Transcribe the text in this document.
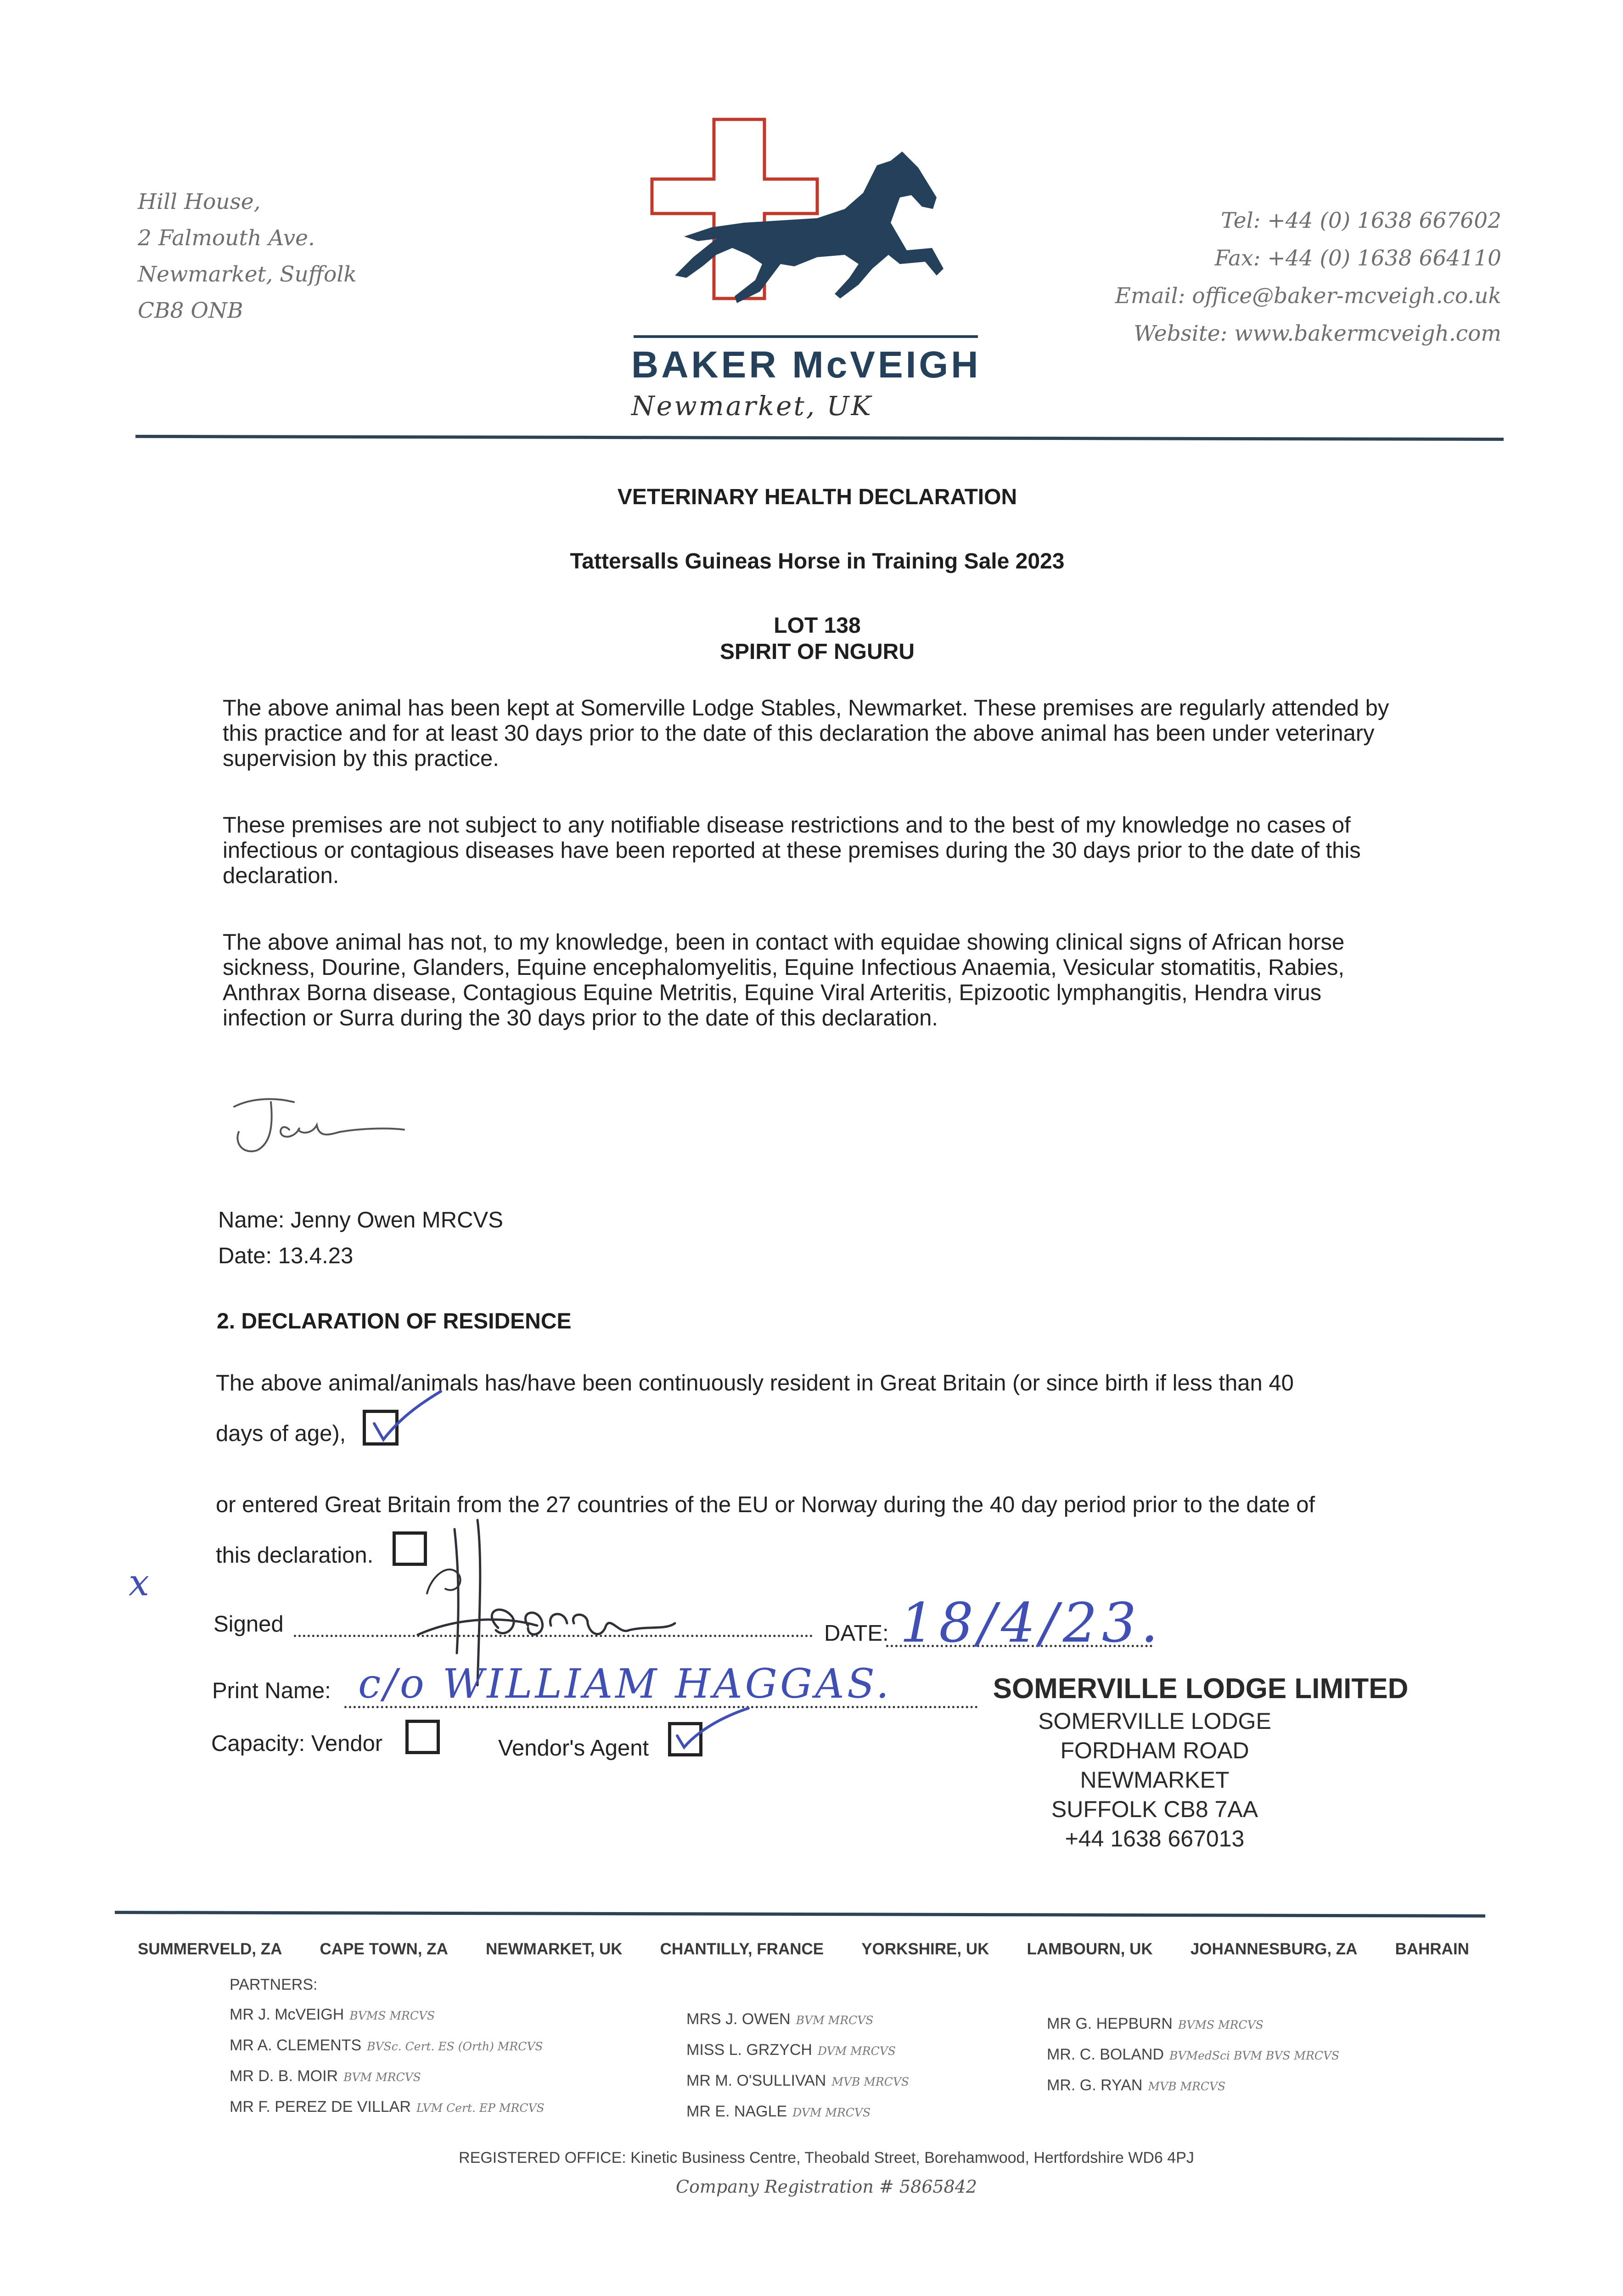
Hill House,
2 Falmouth Ave.
Newmarket, Suffolk
CB8 ONB
BAKER McVEIGH
Newmarket, UK
Tel: +44 (0) 1638 667602
Fax: +44 (0) 1638 664110
Email: office@baker-mcveigh.co.uk
Website: www.bakermcveigh.com
VETERINARY HEALTH DECLARATION
Tattersalls Guineas Horse in Training Sale 2023
LOT 138
SPIRIT OF NGURU
The above animal has been kept at Somerville Lodge Stables, Newmarket. These premises are regularly attended by this practice and for at least 30 days prior to the date of this declaration the above animal has been under veterinary supervision by this practice.
These premises are not subject to any notifiable disease restrictions and to the best of my knowledge no cases of infectious or contagious diseases have been reported at these premises during the 30 days prior to the date of this declaration.
The above animal has not, to my knowledge, been in contact with equidae showing clinical signs of African horse sickness, Dourine, Glanders, Equine encephalomyelitis, Equine Infectious Anaemia, Vesicular stomatitis, Rabies, Anthrax Borna disease, Contagious Equine Metritis, Equine Viral Arteritis, Epizootic lymphangitis, Hendra virus infection or Surra during the 30 days prior to the date of this declaration.
Name: Jenny Owen MRCVS
Date: 13.4.23
2. DECLARATION OF RESIDENCE
The above animal/animals has/have been continuously resident in Great Britain (or since birth if less than 40
days of age),
or entered Great Britain from the 27 countries of the EU or Norway during the 40 day period prior to the date of
this declaration.
x
Signed	DATE: 18/4/23.
Print Name: c/o WILLIAM HAGGAS.
Capacity: Vendor	Vendor's Agent
SOMERVILLE LODGE LIMITED
SOMERVILLE LODGE
FORDHAM ROAD
NEWMARKET
SUFFOLK CB8 7AA
+44 1638 667013
SUMMERVELD, ZA CAPE TOWN, ZA NEWMARKET, UK CHANTILLY, FRANCE YORKSHIRE, UK LAMBOURN, UK JOHANNESBURG, ZA BAHRAIN
PARTNERS:
MR J. McVEIGH BVMS MRCVS
MR A. CLEMENTS BVSc. Cert. ES (Orth) MRCVS
MR D. B. MOIR BVM MRCVS
MR F. PEREZ DE VILLAR LVM Cert. EP MRCVS
MRS J. OWEN BVM MRCVS
MISS L. GRZYCH DVM MRCVS
MR M. O'SULLIVAN MVB MRCVS
MR E. NAGLE DVM MRCVS
MR G. HEPBURN BVMS MRCVS
MR. C. BOLAND BVMedSci BVM BVS MRCVS
MR. G. RYAN MVB MRCVS
REGISTERED OFFICE: Kinetic Business Centre, Theobald Street, Borehamwood, Hertfordshire WD6 4PJ
Company Registration # 5865842
